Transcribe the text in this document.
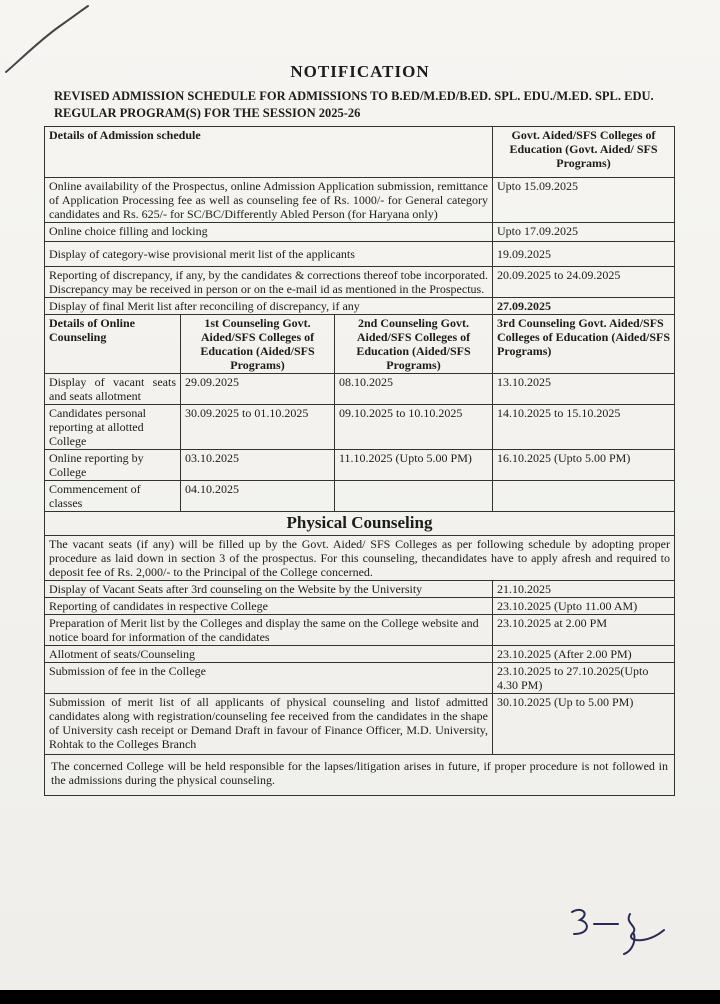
NOTIFICATION

REVISED ADMISSION SCHEDULE FOR ADMISSIONS TO B.ED/M.ED/B.ED. SPL. EDU./M.ED. SPL. EDU. REGULAR PROGRAM(S) FOR THE SESSION 2025-26

Details of Admission schedule			Govt. Aided/SFS Colleges of Education (Govt. Aided/ SFS Programs)
Online availability of the Prospectus, online Admission Application submission, remittance of Application Processing fee as well as counseling fee of Rs. 1000/- for General category candidates and Rs. 625/- for SC/BC/Differently Abled Person (for Haryana only)			Upto 15.09.2025
Online choice filling and locking			Upto 17.09.2025
Display of category-wise provisional merit list of the applicants			19.09.2025
Reporting of discrepancy, if any, by the candidates & corrections thereof tobe incorporated. Discrepancy may be received in person or on the e-mail id as mentioned in the Prospectus.			20.09.2025 to 24.09.2025
Display of final Merit list after reconciling of discrepancy, if any			27.09.2025
Details of Online Counseling	1st Counseling Govt. Aided/SFS Colleges of Education (Aided/SFS Programs)	2nd Counseling Govt. Aided/SFS Colleges of Education (Aided/SFS Programs)	3rd Counseling Govt. Aided/SFS Colleges of Education (Aided/SFS Programs)
Display of vacant seats and seats allotment	29.09.2025	08.10.2025	13.10.2025
Candidates personal reporting at allotted College	30.09.2025 to 01.10.2025	09.10.2025 to 10.10.2025	14.10.2025 to 15.10.2025
Online reporting by College	03.10.2025	11.10.2025 (Upto 5.00 PM)	16.10.2025 (Upto 5.00 PM)
Commencement of classes	04.10.2025		
Physical Counseling			
The vacant seats (if any) will be filled up by the Govt. Aided/ SFS Colleges as per following schedule by adopting proper procedure as laid down in section 3 of the prospectus. For this counseling, thecandidates have to apply afresh and required to deposit fee of Rs. 2,000/- to the Principal of the College concerned.			
Display of Vacant Seats after 3rd counseling on the Website by the University			21.10.2025
Reporting of candidates in respective College			23.10.2025 (Upto 11.00 AM)
Preparation of Merit list by the Colleges and display the same on the College website and notice board for information of the candidates			23.10.2025 at 2.00 PM
Allotment of seats/Counseling			23.10.2025 (After 2.00 PM)
Submission of fee in the College			23.10.2025 to 27.10.2025(Upto 4.30 PM)
Submission of merit list of all applicants of physical counseling and listof admitted candidates along with registration/counseling fee received from the candidates in the shape of University cash receipt or Demand Draft in favour of Finance Officer, M.D. University, Rohtak to the Colleges Branch			30.10.2025 (Up to 5.00 PM)
The concerned College will be held responsible for the lapses/litigation arises in future, if proper procedure is not followed in the admissions during the physical counseling.			
